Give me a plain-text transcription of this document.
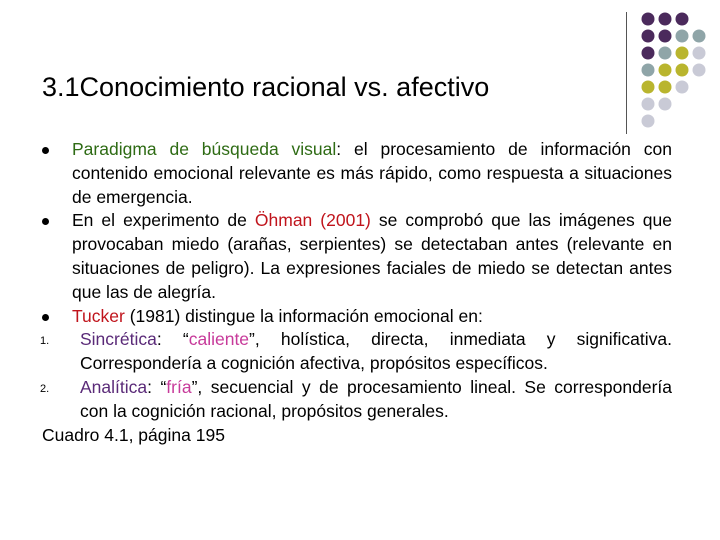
3.1Conocimiento racional vs. afectivo
Paradigma de búsqueda visual: el procesamiento de información con contenido emocional relevante es más rápido, como respuesta a situaciones de emergencia.
En el experimento de Öhman (2001) se comprobó que las imágenes que provocaban miedo (arañas, serpientes) se detectaban antes (relevante en situaciones de peligro). La expresiones faciales de miedo se detectan antes que las de alegría.
Tucker (1981) distingue la información emocional en:
1. Sincrética: “caliente”, holística, directa, inmediata y significativa. Correspondería a cognición afectiva, propósitos específicos.
2. Analítica: “fría”, secuencial y de procesamiento lineal. Se correspondería con la cognición racional, propósitos generales.
Cuadro 4.1, página 195
